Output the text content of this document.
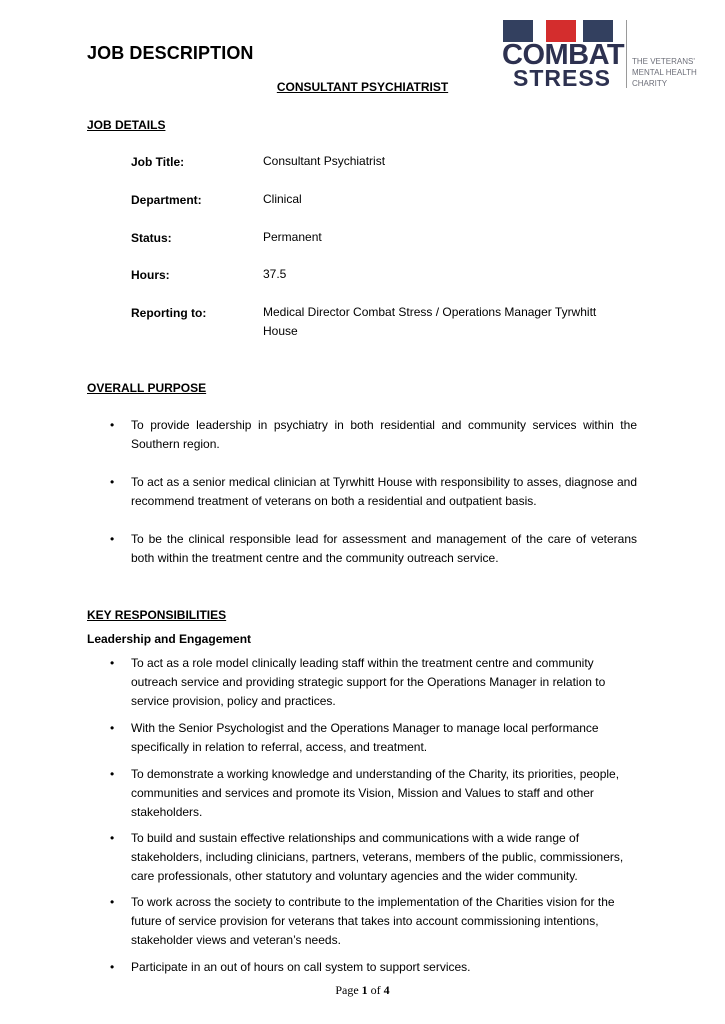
JOB DESCRIPTION	COMBAT
STRESS
THE VETERANS'
MENTAL HEALTH
CHARITY
CONSULTANT PSYCHIATRIST
JOB DETAILS
Job Title:	Consultant Psychiatrist
Department:	Clinical
Status:	Permanent
Hours:	37.5
Reporting to:	Medical Director Combat Stress / Operations Manager Tyrwhitt House
OVERALL PURPOSE
• To provide leadership in psychiatry in both residential and community services within the Southern region.
• To act as a senior medical clinician at Tyrwhitt House with responsibility to asses, diagnose and recommend treatment of veterans on both a residential and outpatient basis.
• To be the clinical responsible lead for assessment and management of the care of veterans both within the treatment centre and the community outreach service.
KEY RESPONSIBILITIES
Leadership and Engagement
• To act as a role model clinically leading staff within the treatment centre and community outreach service and providing strategic support for the Operations Manager in relation to service provision, policy and practices.
• With the Senior Psychologist and the Operations Manager to manage local performance specifically in relation to referral, access, and treatment.
• To demonstrate a working knowledge and understanding of the Charity, its priorities, people, communities and services and promote its Vision, Mission and Values to staff and other stakeholders.
• To build and sustain effective relationships and communications with a wide range of stakeholders, including clinicians, partners, veterans, members of the public, commissioners, care professionals, other statutory and voluntary agencies and the wider community.
• To work across the society to contribute to the implementation of the Charities vision for the future of service provision for veterans that takes into account commissioning intentions, stakeholder views and veteran’s needs.
• Participate in an out of hours on call system to support services.
Page 1 of 4
